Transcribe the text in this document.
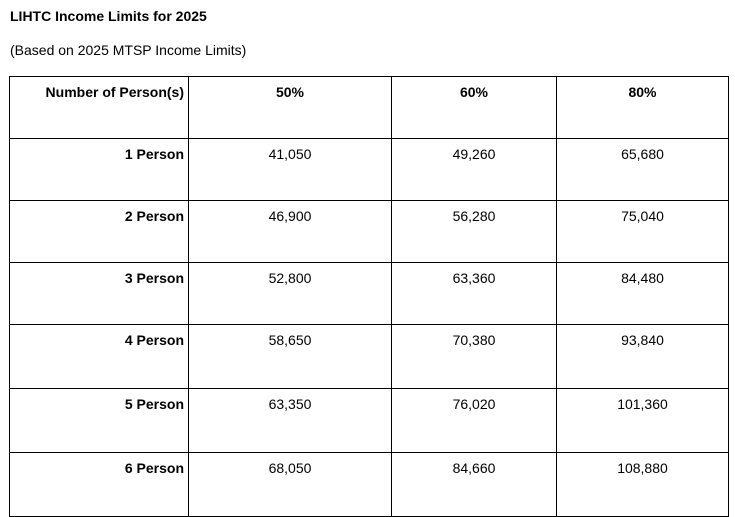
LIHTC Income Limits for 2025
(Based on 2025 MTSP Income Limits)
Number of Person(s)	50%	60%	80%

1 Person	41,050	49,260	65,680

2 Person	46,900	56,280	75,040

3 Person	52,800	63,360	84,480

4 Person	58,650	70,380	93,840

5 Person	63,350	76,020	101,360

6 Person	68,050	84,660	108,880
